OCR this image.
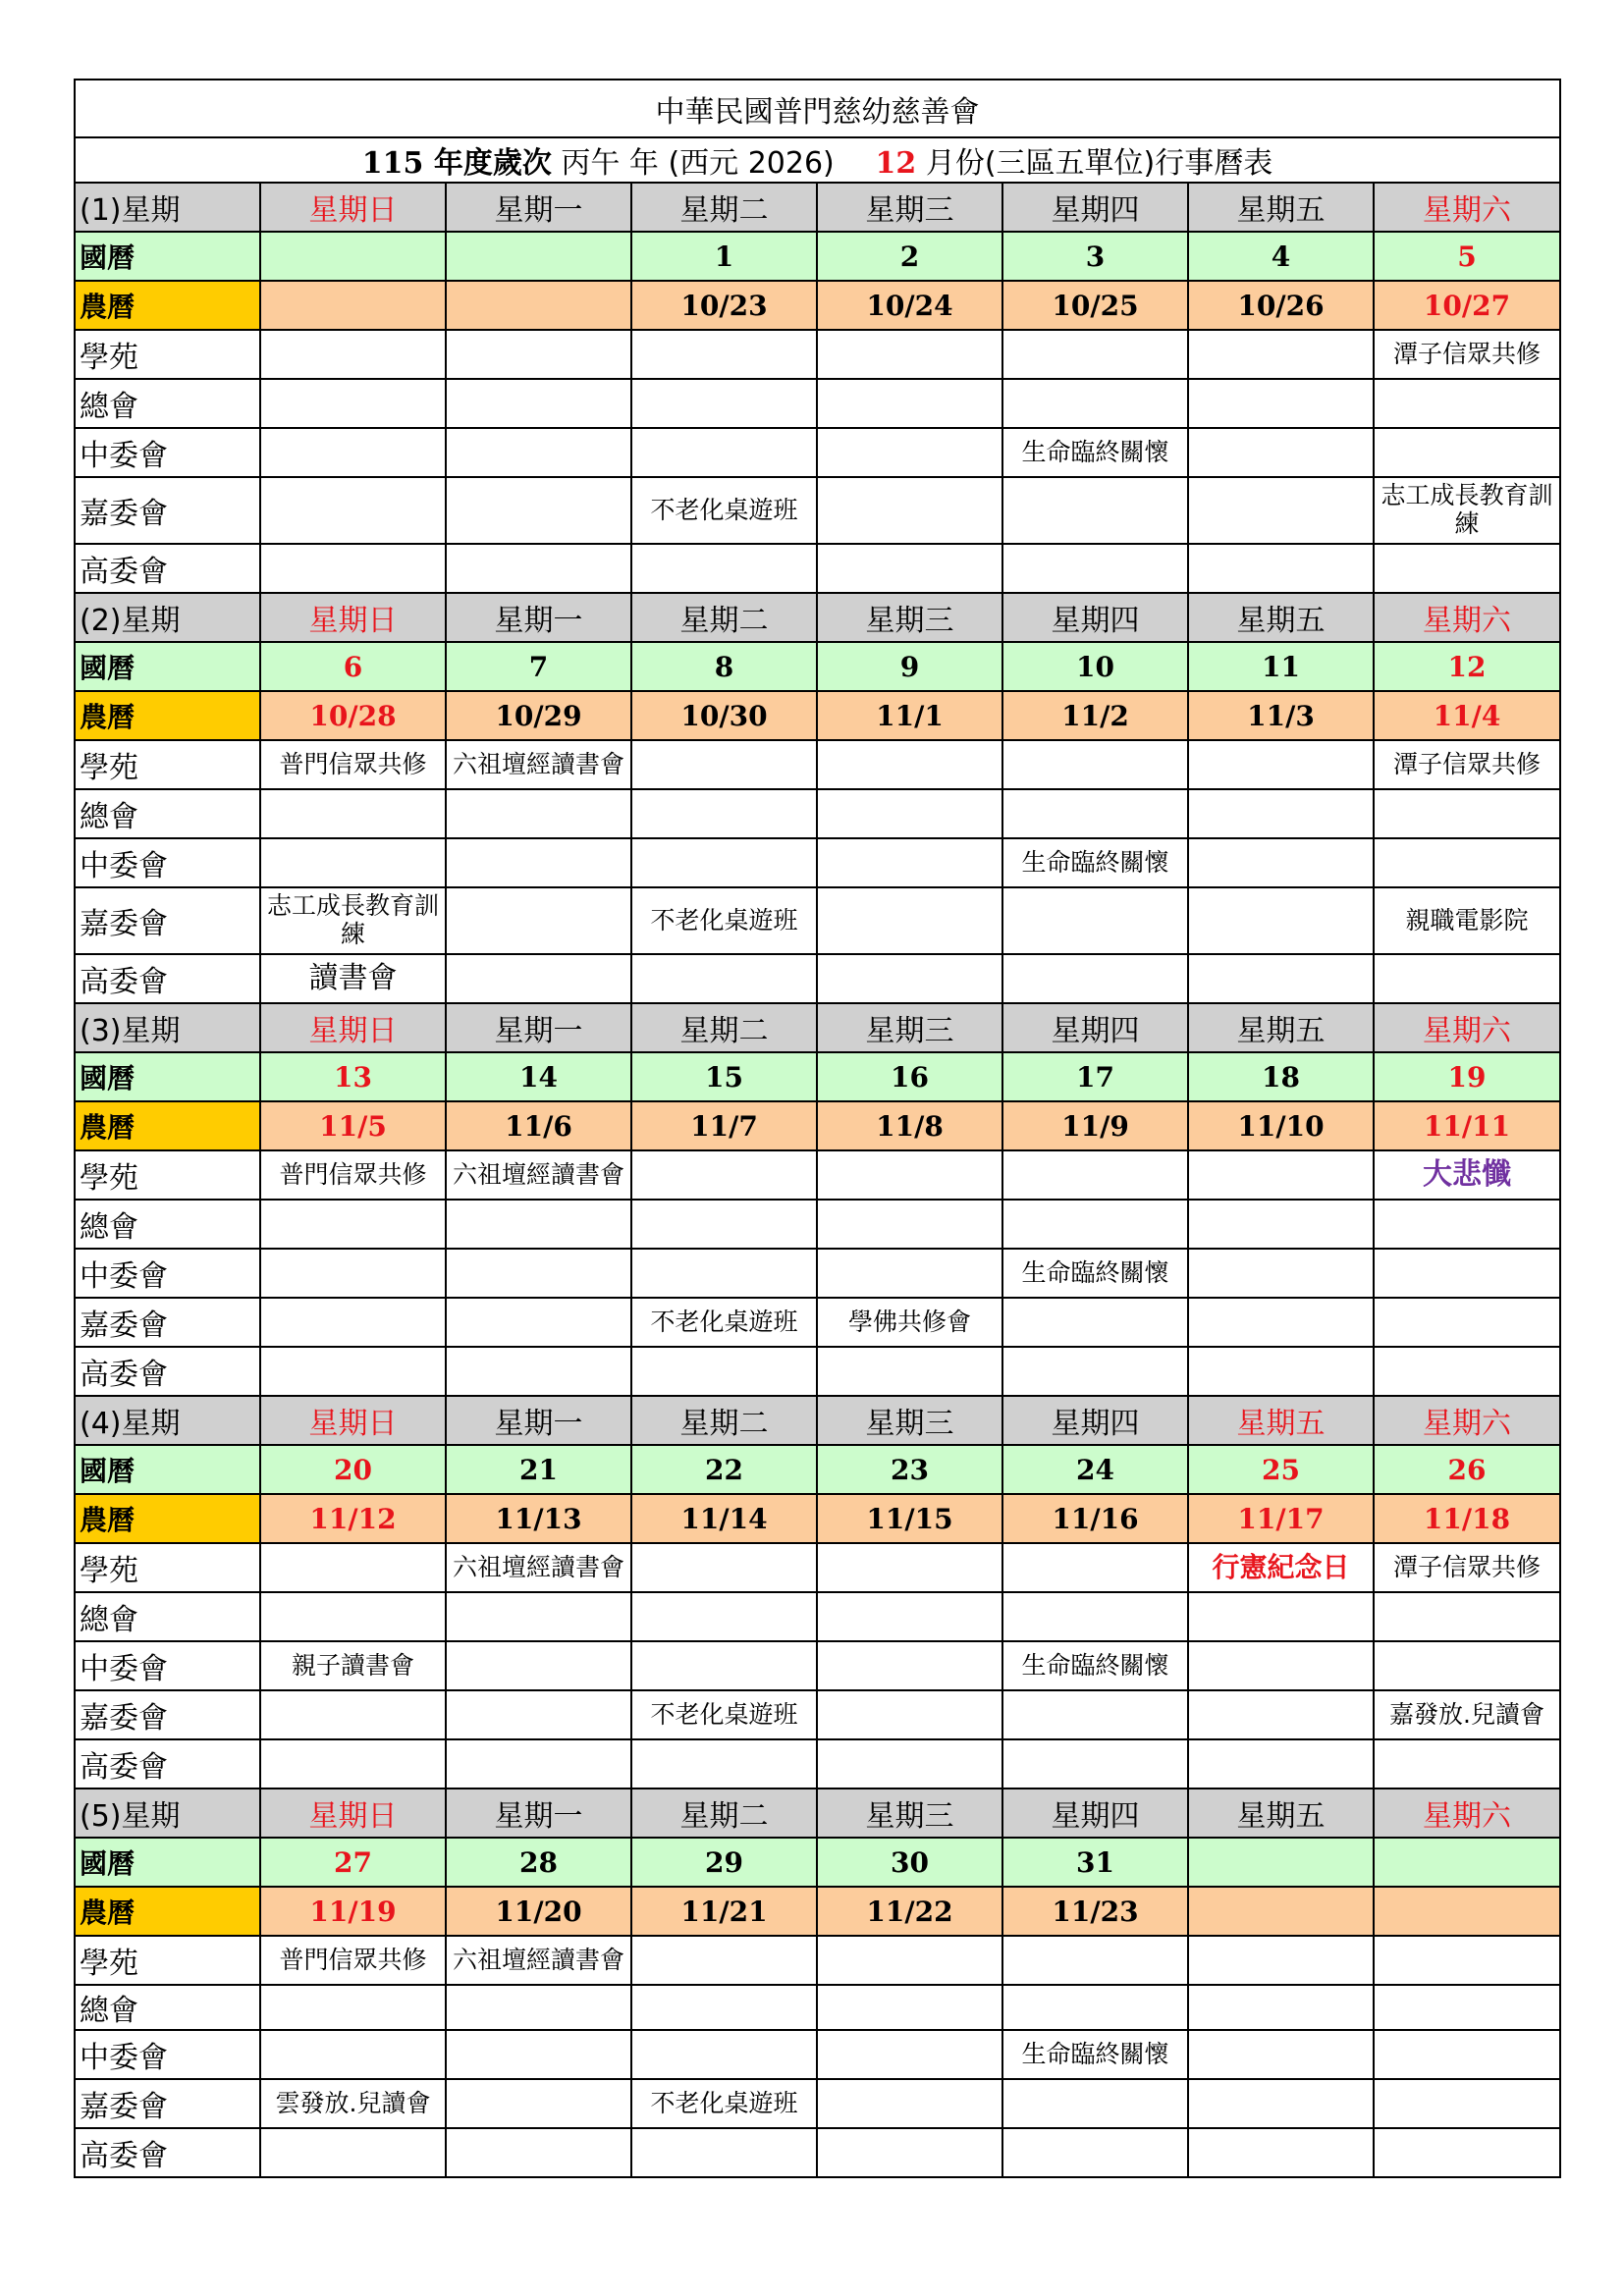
中華民國普門慈幼慈善會							
115 年度歲次 丙午 年 (西元 2026) 12 月份(三區五單位)行事曆表							
(1)星期	星期日	星期一	星期二	星期三	星期四	星期五	星期六
國曆			1	2	3	4	5
農曆			10/23	10/24	10/25	10/26	10/27
學苑							潭子信眾共修
總會							
中委會					生命臨終關懷		
嘉委會			不老化桌遊班				志工成長教育訓練
高委會							
(2)星期	星期日	星期一	星期二	星期三	星期四	星期五	星期六
國曆	6	7	8	9	10	11	12
農曆	10/28	10/29	10/30	11/1	11/2	11/3	11/4
學苑	普門信眾共修	六祖壇經讀書會					潭子信眾共修
總會							
中委會					生命臨終關懷		
嘉委會	志工成長教育訓練		不老化桌遊班				親職電影院
高委會	讀書會						
(3)星期	星期日	星期一	星期二	星期三	星期四	星期五	星期六
國曆	13	14	15	16	17	18	19
農曆	11/5	11/6	11/7	11/8	11/9	11/10	11/11
學苑	普門信眾共修	六祖壇經讀書會					大悲懺
總會							
中委會					生命臨終關懷		
嘉委會			不老化桌遊班	學佛共修會			
高委會							
(4)星期	星期日	星期一	星期二	星期三	星期四	星期五	星期六
國曆	20	21	22	23	24	25	26
農曆	11/12	11/13	11/14	11/15	11/16	11/17	11/18
學苑		六祖壇經讀書會				行憲紀念日	潭子信眾共修
總會							
中委會	親子讀書會				生命臨終關懷		
嘉委會			不老化桌遊班				嘉發放.兒讀會
高委會							
(5)星期	星期日	星期一	星期二	星期三	星期四	星期五	星期六
國曆	27	28	29	30	31		
農曆	11/19	11/20	11/21	11/22	11/23		
學苑	普門信眾共修	六祖壇經讀書會					
總會							
中委會					生命臨終關懷		
嘉委會	雲發放.兒讀會		不老化桌遊班				
高委會							
